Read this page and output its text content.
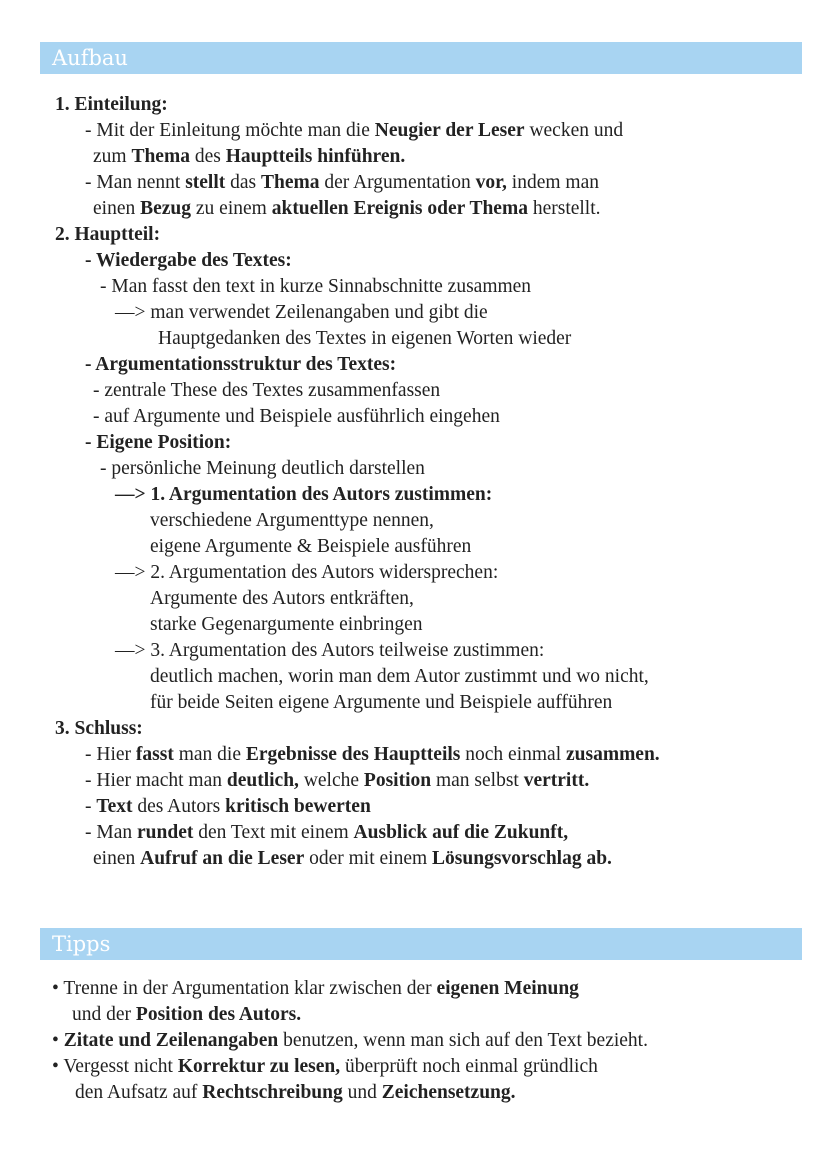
Aufbau
Tipps
1. Einteilung:
- Mit der Einleitung möchte man die Neugier der Leser wecken und
zum Thema des Hauptteils hinführen.
- Man nennt stellt das Thema der Argumentation vor, indem man
einen Bezug zu einem aktuellen Ereignis oder Thema herstellt.
2. Hauptteil:
- Wiedergabe des Textes:
- Man fasst den text in kurze Sinnabschnitte zusammen
—> man verwendet Zeilenangaben und gibt die
Hauptgedanken des Textes in eigenen Worten wieder
- Argumentationsstruktur des Textes:
- zentrale These des Textes zusammenfassen
- auf Argumente und Beispiele ausführlich eingehen
- Eigene Position:
- persönliche Meinung deutlich darstellen
—> 1. Argumentation des Autors zustimmen:
verschiedene Argumenttype nennen,
eigene Argumente & Beispiele ausführen
—> 2. Argumentation des Autors widersprechen:
Argumente des Autors entkräften,
starke Gegenargumente einbringen
—> 3. Argumentation des Autors teilweise zustimmen:
deutlich machen, worin man dem Autor zustimmt und wo nicht,
für beide Seiten eigene Argumente und Beispiele aufführen
3. Schluss:
- Hier fasst man die Ergebnisse des Hauptteils noch einmal zusammen.
- Hier macht man deutlich, welche Position man selbst vertritt.
- Text des Autors kritisch bewerten
- Man rundet den Text mit einem Ausblick auf die Zukunft,
einen Aufruf an die Leser oder mit einem Lösungsvorschlag ab.
• Trenne in der Argumentation klar zwischen der eigenen Meinung
und der Position des Autors.
• Zitate und Zeilenangaben benutzen, wenn man sich auf den Text bezieht.
• Vergesst nicht Korrektur zu lesen, überprüft noch einmal gründlich
den Aufsatz auf Rechtschreibung und Zeichensetzung.
